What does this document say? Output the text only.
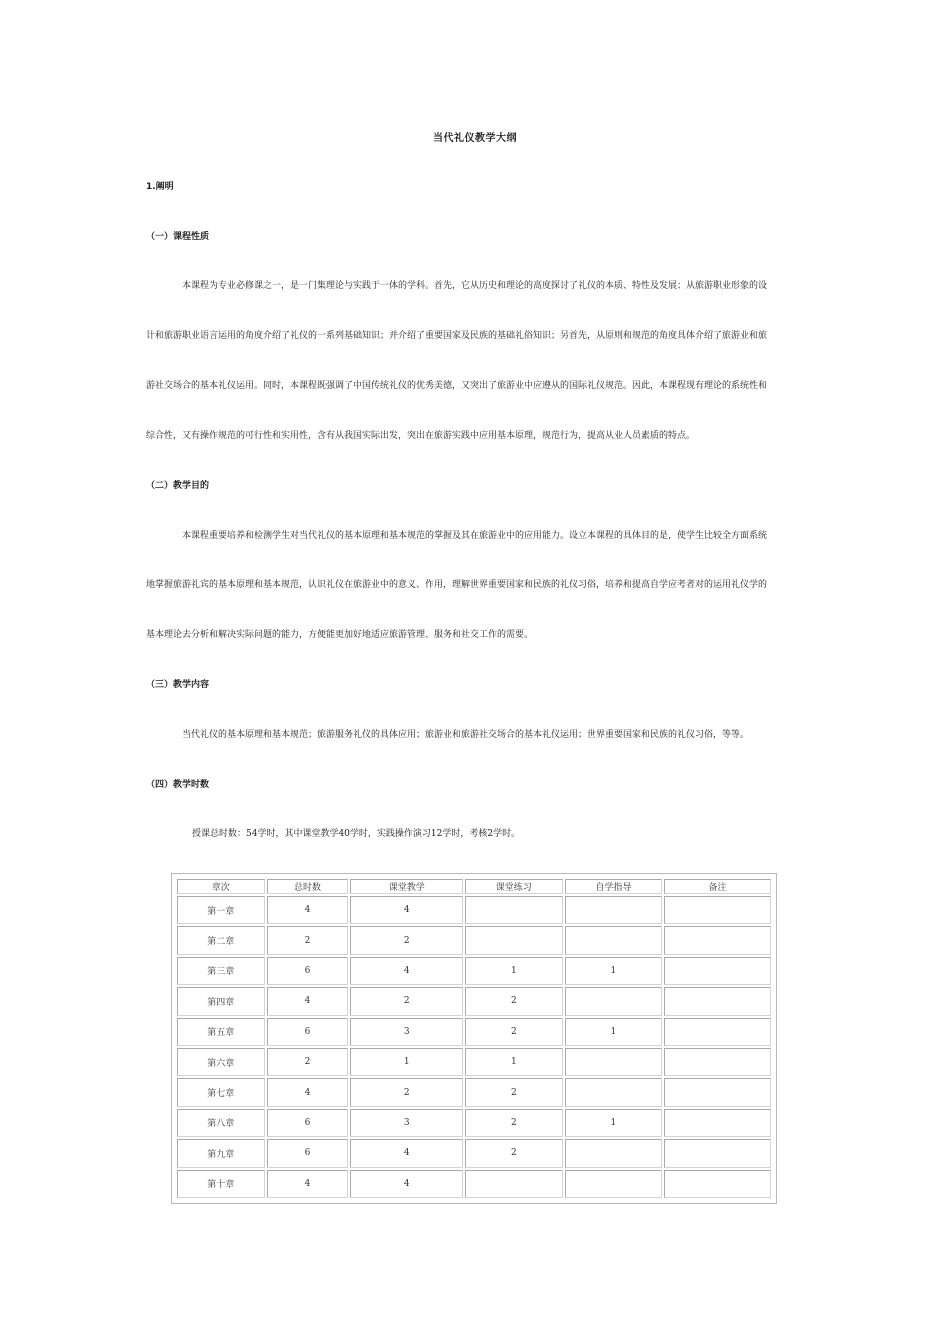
当代礼仪教学大纲
1.阐明
（一）课程性质
本课程为专业必修课之一，是一门集理论与实践于一体的学科。首先，它从历史和理论的高度探讨了礼仪的本质、特性及发展；从旅游职业形象的设
计和旅游职业语言运用的角度介绍了礼仪的一系列基础知识；并介绍了重要国家及民族的基础礼俗知识；另首先，从原则和规范的角度具体介绍了旅游业和旅
游社交场合的基本礼仪运用。同时，本课程既强调了中国传统礼仪的优秀美德，又突出了旅游业中应遵从的国际礼仪规范。因此，本课程现有理论的系统性和
综合性，又有操作规范的可行性和实用性，含有从我国实际出发，突出在旅游实践中应用基本原理，规范行为，提高从业人员素质的特点。
（二）教学目的
本课程重要培养和检测学生对当代礼仪的基本原理和基本规范的掌握及其在旅游业中的应用能力。设立本课程的具体目的是，使学生比较全方面系统
地掌握旅游礼宾的基本原理和基本规范，认识礼仪在旅游业中的意义、作用，理解世界重要国家和民族的礼仪习俗，培养和提高自学应考者对的运用礼仪学的
基本理论去分析和解决实际问题的能力，方便能更加好地适应旅游管理、服务和社交工作的需要。
（三）教学内容
当代礼仪的基本原理和基本规范；旅游服务礼仪的具体应用；旅游业和旅游社交场合的基本礼仪运用；世界重要国家和民族的礼仪习俗，等等。
（四）教学时数
授课总时数：54学时，其中课堂教学40学时，实践操作演习12学时，考核2学时。
章次	总时数	课堂教学	课堂练习	自学指导	备注
第一章	4	4			
第二章	2	2			
第三章	6	4	1	1	
第四章	4	2	2		
第五章	6	3	2	1	
第六章	2	1	1		
第七章	4	2	2		
第八章	6	3	2	1	
第九章	6	4	2		
第十章	4	4			
